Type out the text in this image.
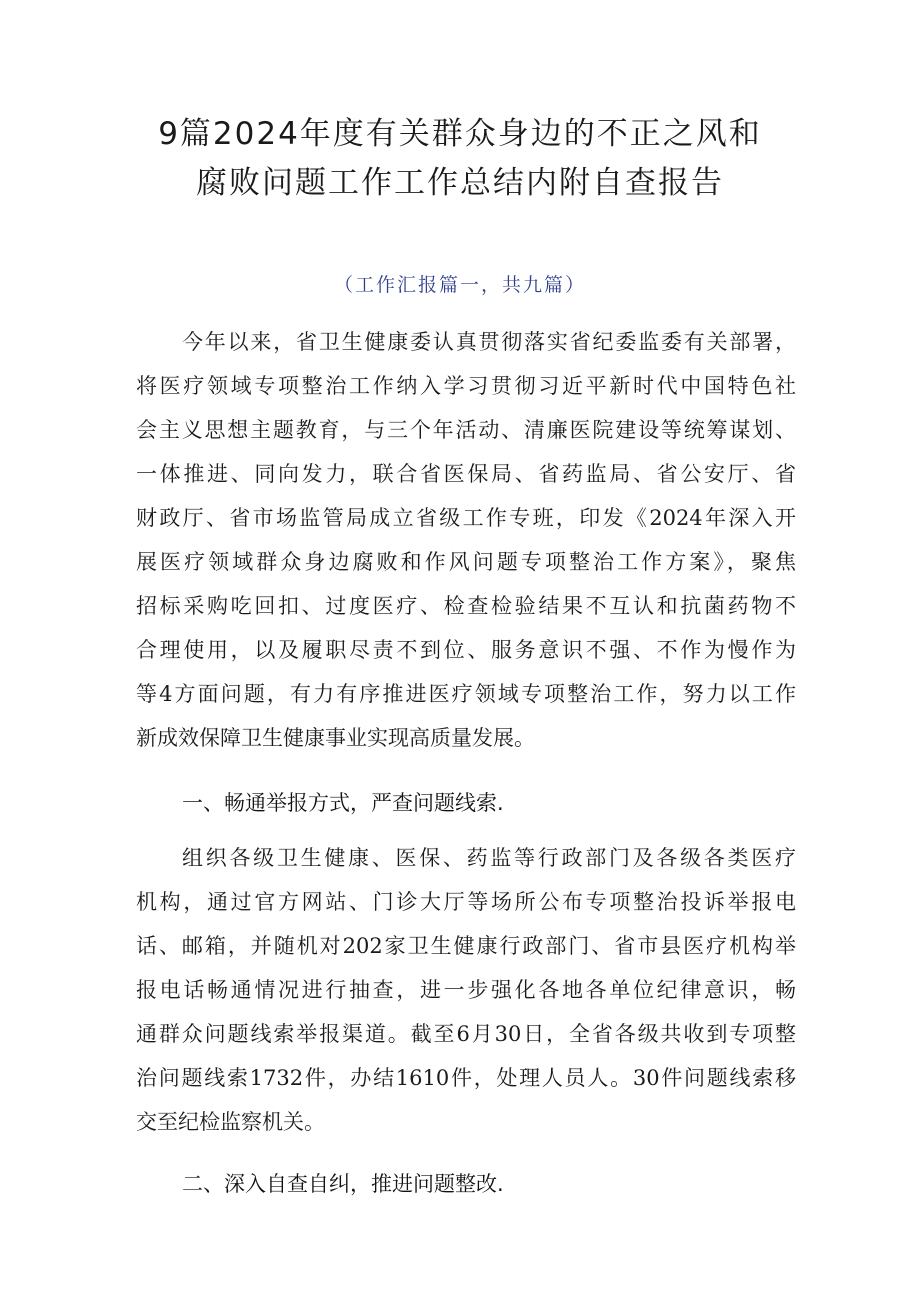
9篇2024年度有关群众身边的不正之风和
腐败问题工作工作总结内附自查报告
（工作汇报篇一，共九篇）
今年以来，省卫生健康委认真贯彻落实省纪委监委有关部署，
将医疗领域专项整治工作纳入学习贯彻习近平新时代中国特色社
会主义思想主题教育，与三个年活动、清廉医院建设等统筹谋划、
一体推进、同向发力，联合省医保局、省药监局、省公安厅、省
财政厅、省市场监管局成立省级工作专班，印发《2024年深入开
展医疗领域群众身边腐败和作风问题专项整治工作方案》，聚焦
招标采购吃回扣、过度医疗、检查检验结果不互认和抗菌药物不
合理使用，以及履职尽责不到位、服务意识不强、不作为慢作为
等4方面问题，有力有序推进医疗领域专项整治工作，努力以工作
新成效保障卫生健康事业实现高质量发展。
一、畅通举报方式，严查问题线索.
组织各级卫生健康、医保、药监等行政部门及各级各类医疗
机构，通过官方网站、门诊大厅等场所公布专项整治投诉举报电
话、邮箱，并随机对202家卫生健康行政部门、省市县医疗机构举
报电话畅通情况进行抽查，进一步强化各地各单位纪律意识，畅
通群众问题线索举报渠道。截至6月30日，全省各级共收到专项整
治问题线索1732件，办结1610件，处理人员人。30件问题线索移
交至纪检监察机关。
二、深入自查自纠，推进问题整改.
